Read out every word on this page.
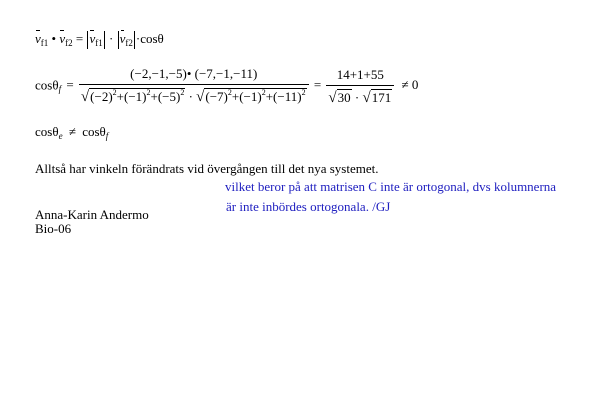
$v_{f1}$ • $v_{f2} = v_{f1} \cdot v_{f2} \cdot\cos\theta$
$\cos\theta_f = \frac{(-2,-1,-5)• (-7,-1,-11)}{√(-2)^2+(-1)^2+(-5)^2 \cdot √(-7)^2+(-1)^2+(-11)^2} = \frac{14+1+55}{√30 \cdot √171} \ne 0$
cosθ$_e$ ≠ cosθ$_f$
Alltså har vinkeln förändrats vid övergången till det nya systemet.
vilket beror på att matrisen C inte är ortogonal, dvs kolumnerna
är inte inbördes ortogonala. /GJ
Anna-Karin Andermo
Bio-06
